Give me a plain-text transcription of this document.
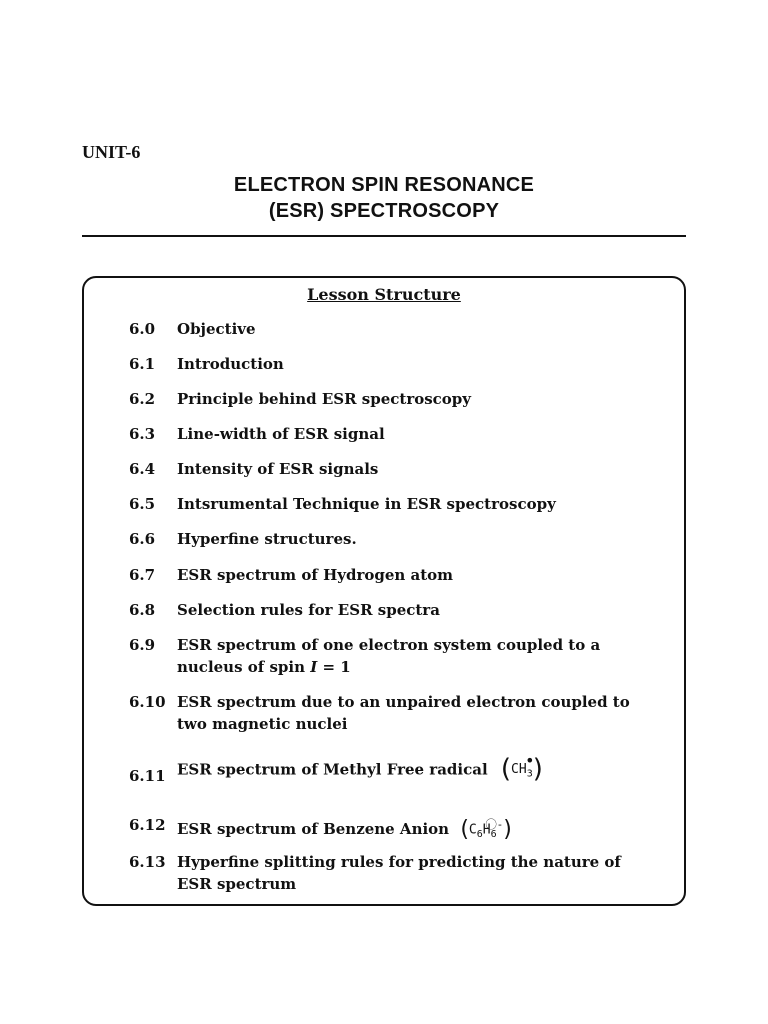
UNIT-6
ELECTRON SPIN RESONANCE
(ESR) SPECTROSCOPY
Lesson Structure
6.0	Objective
6.1	Introduction
6.2	Principle behind ESR spectroscopy
6.3	Line-width of ESR signal
6.4	Intensity of ESR signals
6.5	Intsrumental Technique in ESR spectroscopy
6.6	Hyperfine structures.
6.7	ESR spectrum of Hydrogen atom
6.8	Selection rules for ESR spectra
6.9	ESR spectrum of one electron system coupled to a
nucleus of spin I = 1
6.10 ESR spectrum due to an unpaired electron coupled to
two magnetic nuclei
6.11 ESR spectrum of Methyl Free radical ( •
$CH_3$)
6.12 ESR spectrum of Benzene Anion $(C_6H_6^{⃝-})$
6.13 Hyperfine splitting rules for predicting the nature of
ESR spectrum
